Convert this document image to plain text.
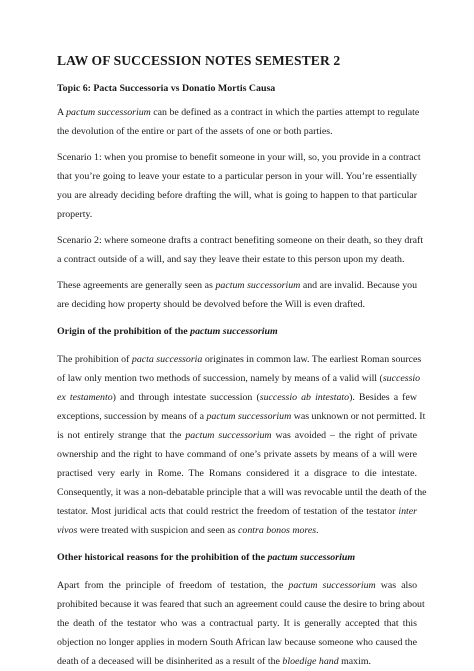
LAW OF SUCCESSION NOTES SEMESTER 2
Topic 6: Pacta Successoria vs Donatio Mortis Causa

A pactum successorium can be defined as a contract in which the parties attempt to regulate
the devolution of the entire or part of the assets of one or both parties.

Scenario 1: when you promise to benefit someone in your will, so, you provide in a contract
that you’re going to leave your estate to a particular person in your will. You’re essentially
you are already deciding before drafting the will, what is going to happen to that particular
property.

Scenario 2: where someone drafts a contract benefiting someone on their death, so they draft
a contract outside of a will, and say they leave their estate to this person upon my death.

These agreements are generally seen as pactum successorium and are invalid. Because you
are deciding how property should be devolved before the Will is even drafted.

Origin of the prohibition of the pactum successorium

The prohibition of pacta successoria originates in common law. The earliest Roman sources
of law only mention two methods of succession, namely by means of a valid will (successio
ex testamento) and through intestate succession (successio ab intestato). Besides a few
exceptions, succession by means of a pactum successorium was unknown or not permitted. It
is not entirely strange that the pactum successorium was avoided – the right of private
ownership and the right to have command of one’s private assets by means of a will were
practised very early in Rome. The Romans considered it a disgrace to die intestate.
Consequently, it was a non-debatable principle that a will was revocable until the death of the
testator. Most juridical acts that could restrict the freedom of testation of the testator inter
vivos were treated with suspicion and seen as contra bonos mores.

Other historical reasons for the prohibition of the pactum successorium

Apart from the principle of freedom of testation, the pactum successorium was also
prohibited because it was feared that such an agreement could cause the desire to bring about
the death of the testator who was a contractual party. It is generally accepted that this
objection no longer applies in modern South African law because someone who caused the
death of a deceased will be disinherited as a result of the bloedige hand maxim.
